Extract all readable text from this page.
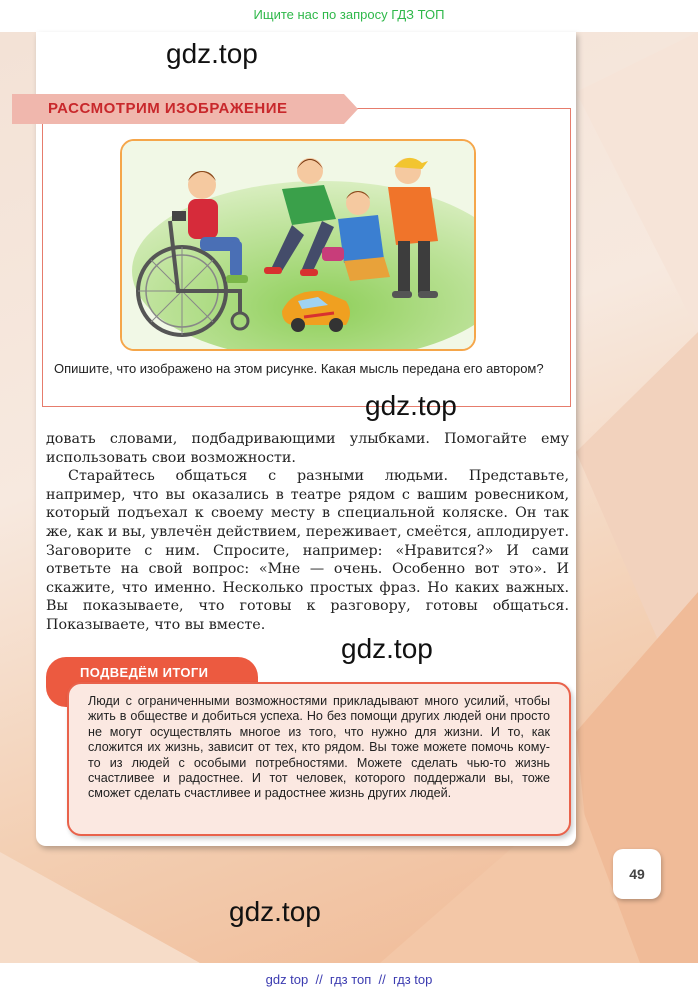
Ищите нас по запросу ГДЗ ТОП
gdz.top
РАССМОТРИМ ИЗОБРАЖЕНИЕ
Опишите, что изображено на этом рисунке. Какая мысль передана его автором?
gdz.top

довать словами, подбадривающими улыбками. Помогайте ему использовать свои возможности.

Старайтесь общаться с разными людьми. Представьте, например, что вы оказались в театре рядом с вашим ровесником, который подъехал к своему месту в специальной коляске. Он так же, как и вы, увлечён действием, переживает, смеётся, аплодирует. Заговорите с ним. Спросите, например: «Нравится?» И сами ответьте на свой вопрос: «Мне — очень. Особенно вот это». И скажите, что именно. Несколько простых фраз. Но каких важных. Вы показываете, что готовы к разговору, готовы общаться. Показываете, что вы вместе.

gdz.top
ПОДВЕДЁМ ИТОГИ
Люди с ограниченными возможностями прикладывают много усилий, чтобы жить в обществе и добиться успеха. Но без помощи других людей они просто не могут осуществлять многое из того, что нужно для жизни. И то, как сложится их жизнь, зависит от тех, кто рядом. Вы тоже можете помочь кому-то из людей с особыми потребностями. Можете сделать чью-то жизнь счастливее и радостнее. И тот человек, которого поддержали вы, тоже сможет сделать счастливее и радостнее жизнь других людей.
49
gdz.top
gdz top  //  гдз топ  //  гдз top
